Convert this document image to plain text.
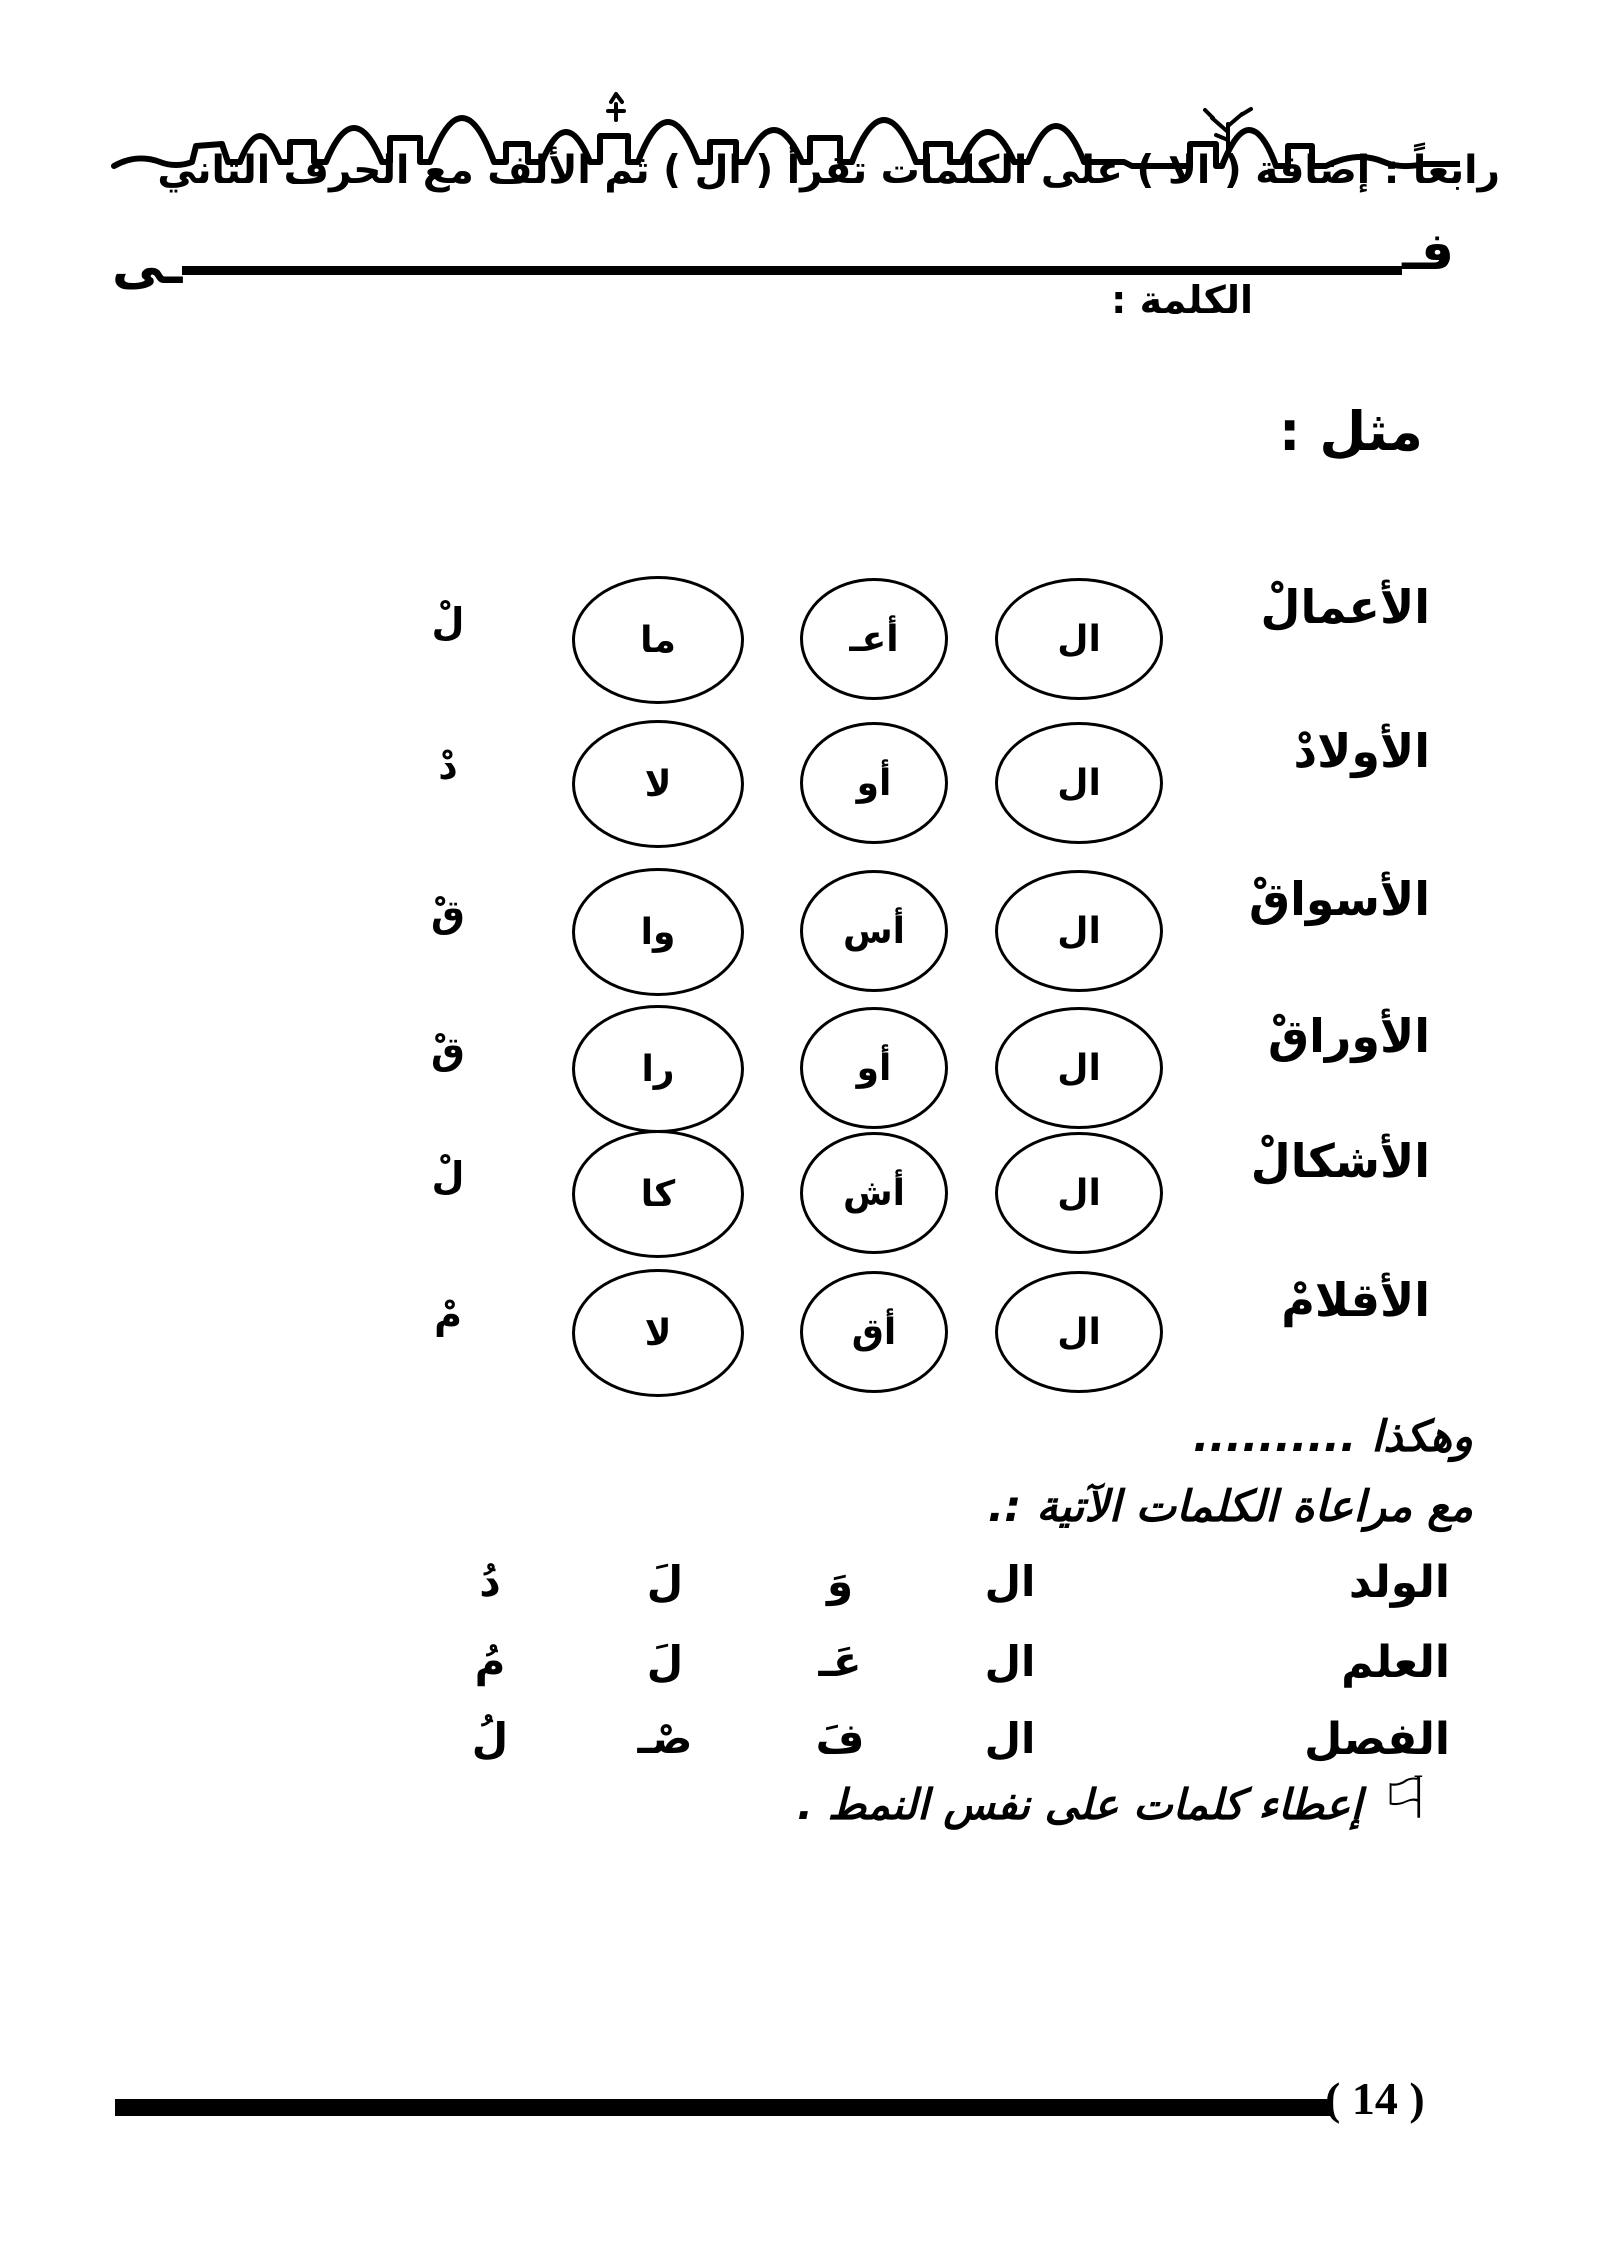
رابعاً : إضافة ( الا ) على الكلمات تقرأ ( ال ) ثم الألف مع الحرف الثاني
فـ
ـى
الكلمة :
مثل :
الأعمالْ
ال
أعـ
ما
لْ
الأولادْ
ال
أو
لا
دْ
الأسواقْ
ال
أس
وا
قْ
الأوراقْ
ال
أو
را
قْ
الأشكالْ
ال
أش
كا
لْ
الأقلامْ
ال
أق
لا
مْ
وهكذا ..........
مع مراعاة الكلمات الآتية :.
الولد
ال
وَ
لَ
دُ
العلم
ال
عَـ
لَ
مُ
الفصل
ال
فَ
صْـ
لُ
⚐
إعطاء كلمات على نفس النمط .
( 14 )
